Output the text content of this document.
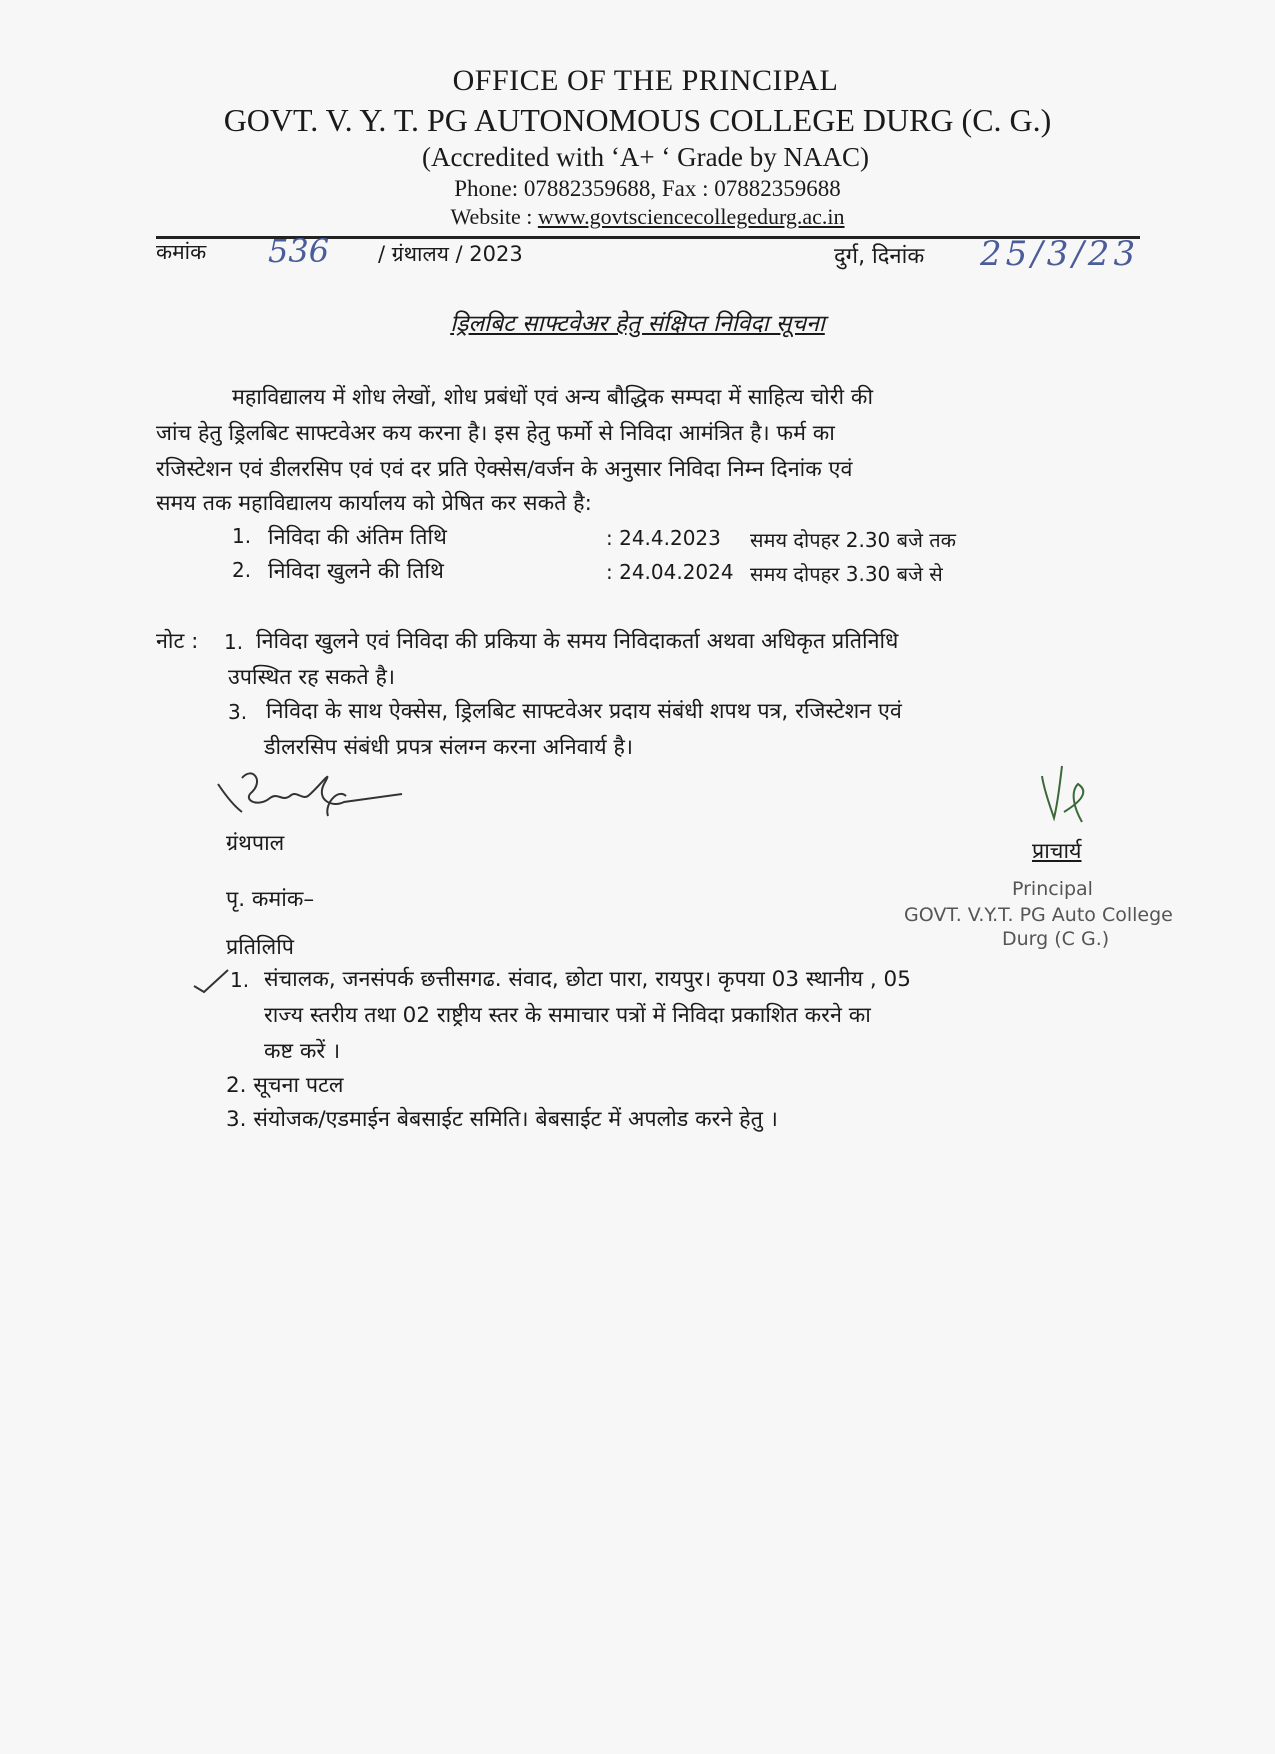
OFFICE OF THE PRINCIPAL
GOVT. V. Y. T. PG AUTONOMOUS COLLEGE DURG (C. G.)
(Accredited with ‘A+ ‘ Grade by NAAC)
Phone: 07882359688, Fax : 07882359688
Website : www.govtsciencecollegedurg.ac.in
कमांक 536 / ग्रंथालय / 2023	दुर्ग, दिनांक 25/3/23
ड्रिलबिट साफ्टवेअर हेतु संक्षिप्त निविदा सूचना
महाविद्यालय में शोध लेखों, शोध प्रबंधों एवं अन्य बौद्धिक सम्पदा में साहित्य चोरी की
जांच हेतु ड्रिलबिट साफ्टवेअर कय करना है। इस हेतु फर्मो से निविदा आमंत्रित है। फर्म का
रजिस्टेशन एवं डीलरसिप एवं एवं दर प्रति ऐक्सेस/वर्जन के अनुसार निविदा निम्न दिनांक एवं
समय तक महाविद्यालय कार्यालय को प्रेषित कर सकते है:
1. निविदा की अंतिम तिथि	: 24.4.2023 समय दोपहर 2.30 बजे तक
2. निविदा खुलने की तिथि	: 24.04.2024 समय दोपहर 3.30 बजे से
नोट : 1. निविदा खुलने एवं निविदा की प्रकिया के समय निविदाकर्ता अथवा अधिकृत प्रतिनिधि
उपस्थित रह सकते है।
3. निविदा के साथ ऐक्सेस, ड्रिलबिट साफ्टवेअर प्रदाय संबंधी शपथ पत्र, रजिस्टेशन एवं
डीलरसिप संबंधी प्रपत्र संलग्न करना अनिवार्य है।
ग्रंथपाल	प्राचार्य
Principal
GOVT. V.Y.T. PG Auto College
Durg (C G.)
पृ. कमांक–
प्रतिलिपि
1. संचालक, जनसंपर्क छत्तीसगढ. संवाद, छोटा पारा, रायपुर। कृपया 03 स्थानीय , 05
राज्य स्तरीय तथा 02 राष्ट्रीय स्तर के समाचार पत्रों में निविदा प्रकाशित करने का
कष्ट करें ।
2. सूचना पटल
3. संयोजक/एडमाईन बेबसाईट समिति। बेबसाईट में अपलोड करने हेतु ।
